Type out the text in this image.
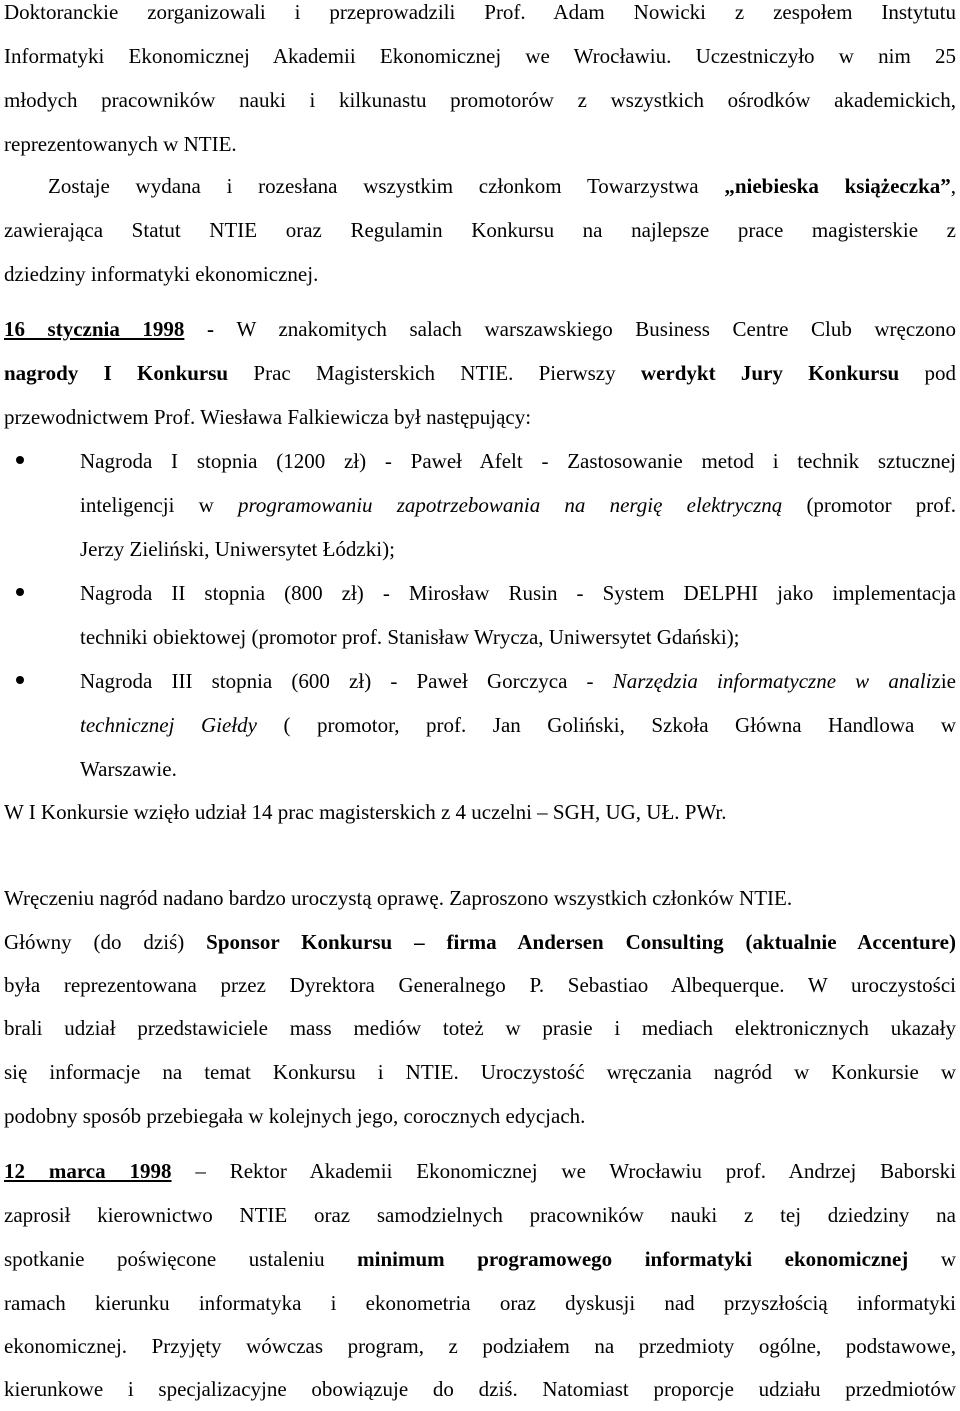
Doktoranckie zorganizowali i przeprowadzili Prof. Adam Nowicki z zespołem Instytutu
Informatyki Ekonomicznej Akademii Ekonomicznej we Wrocławiu. Uczestniczyło w nim 25
młodych pracowników nauki i kilkunastu promotorów z wszystkich ośrodków akademickich,
reprezentowanych w NTIE.
Zostaje wydana i rozesłana wszystkim członkom Towarzystwa „niebieska książeczka”,
zawierająca Statut NTIE oraz Regulamin Konkursu na najlepsze prace magisterskie z
dziedziny informatyki ekonomicznej.
16 stycznia 1998 - W znakomitych salach warszawskiego Business Centre Club wręczono
nagrody I Konkursu Prac Magisterskich NTIE. Pierwszy werdykt Jury Konkursu pod
przewodnictwem Prof. Wiesława Falkiewicza był następujący:
Nagroda I stopnia (1200 zł) - Paweł Afelt - Zastosowanie metod i technik sztucznej
inteligencji w programowaniu zapotrzebowania na nergię elektryczną (promotor prof.
Jerzy Zieliński, Uniwersytet Łódzki);
Nagroda II stopnia (800 zł) - Mirosław Rusin - System DELPHI jako implementacja
techniki obiektowej (promotor prof. Stanisław Wrycza, Uniwersytet Gdański);
Nagroda III stopnia (600 zł) - Paweł Gorczyca - Narzędzia informatyczne w analizie
technicznej Giełdy ( promotor, prof. Jan Goliński, Szkoła Główna Handlowa w
Warszawie.
W I Konkursie wzięło udział 14 prac magisterskich z 4 uczelni – SGH, UG, UŁ. PWr.
Wręczeniu nagród nadano bardzo uroczystą oprawę. Zaproszono wszystkich członków NTIE.
Główny (do dziś) Sponsor Konkursu – firma Andersen Consulting (aktualnie Accenture)
była reprezentowana przez Dyrektora Generalnego P. Sebastiao Albequerque. W uroczystości
brali udział przedstawiciele mass mediów toteż w prasie i mediach elektronicznych ukazały
się informacje na temat Konkursu i NTIE. Uroczystość wręczania nagród w Konkursie w
podobny sposób przebiegała w kolejnych jego, corocznych edycjach.
12 marca 1998 – Rektor Akademii Ekonomicznej we Wrocławiu prof. Andrzej Baborski
zaprosił kierownictwo NTIE oraz samodzielnych pracowników nauki z tej dziedziny na
spotkanie poświęcone ustaleniu minimum programowego informatyki ekonomicznej w
ramach kierunku informatyka i ekonometria oraz dyskusji nad przyszłością informatyki
ekonomicznej. Przyjęty wówczas program, z podziałem na przedmioty ogólne, podstawowe,
kierunkowe i specjalizacyjne obowiązuje do dziś. Natomiast proporcje udziału przedmiotów
